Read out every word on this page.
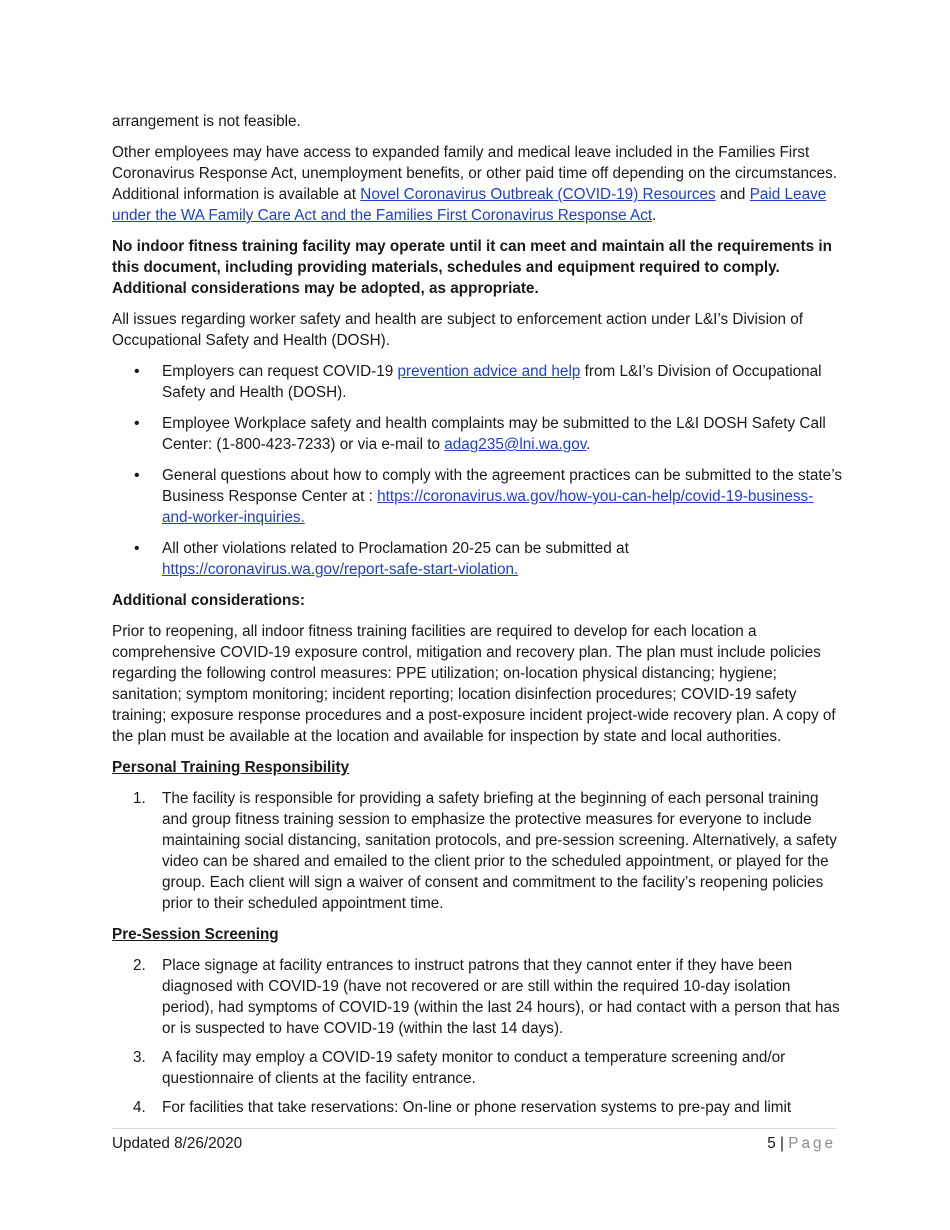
arrangement is not feasible.

Other employees may have access to expanded family and medical leave included in the Families First Coronavirus Response Act, unemployment benefits, or other paid time off depending on the circumstances. Additional information is available at Novel Coronavirus Outbreak (COVID-19) Resources and Paid Leave under the WA Family Care Act and the Families First Coronavirus Response Act.

No indoor fitness training facility may operate until it can meet and maintain all the requirements in this document, including providing materials, schedules and equipment required to comply. Additional considerations may be adopted, as appropriate.

All issues regarding worker safety and health are subject to enforcement action under L&I’s Division of Occupational Safety and Health (DOSH).

• Employers can request COVID-19 prevention advice and help from L&I’s Division of Occupational Safety and Health (DOSH).
• Employee Workplace safety and health complaints may be submitted to the L&I DOSH Safety Call Center: (1-800-423-7233) or via e-mail to adag235@lni.wa.gov.
• General questions about how to comply with the agreement practices can be submitted to the state’s Business Response Center at : https://coronavirus.wa.gov/how-you-can-help/covid-19-business-and-worker-inquiries.
• All other violations related to Proclamation 20-25 can be submitted at https://coronavirus.wa.gov/report-safe-start-violation.

Additional considerations:

Prior to reopening, all indoor fitness training facilities are required to develop for each location a comprehensive COVID-19 exposure control, mitigation and recovery plan. The plan must include policies regarding the following control measures: PPE utilization; on-location physical distancing; hygiene; sanitation; symptom monitoring; incident reporting; location disinfection procedures; COVID-19 safety training; exposure response procedures and a post-exposure incident project-wide recovery plan. A copy of the plan must be available at the location and available for inspection by state and local authorities.

Personal Training Responsibility

1. The facility is responsible for providing a safety briefing at the beginning of each personal training and group fitness training session to emphasize the protective measures for everyone to include maintaining social distancing, sanitation protocols, and pre-session screening. Alternatively, a safety video can be shared and emailed to the client prior to the scheduled appointment, or played for the group. Each client will sign a waiver of consent and commitment to the facility’s reopening policies prior to their scheduled appointment time.

Pre-Session Screening

2. Place signage at facility entrances to instruct patrons that they cannot enter if they have been diagnosed with COVID-19 (have not recovered or are still within the required 10-day isolation period), had symptoms of COVID-19 (within the last 24 hours), or had contact with a person that has or is suspected to have COVID-19 (within the last 14 days).
3. A facility may employ a COVID-19 safety monitor to conduct a temperature screening and/or questionnaire of clients at the facility entrance.
4. For facilities that take reservations: On-line or phone reservation systems to pre-pay and limit
Updated 8/26/2020	5 | Page
